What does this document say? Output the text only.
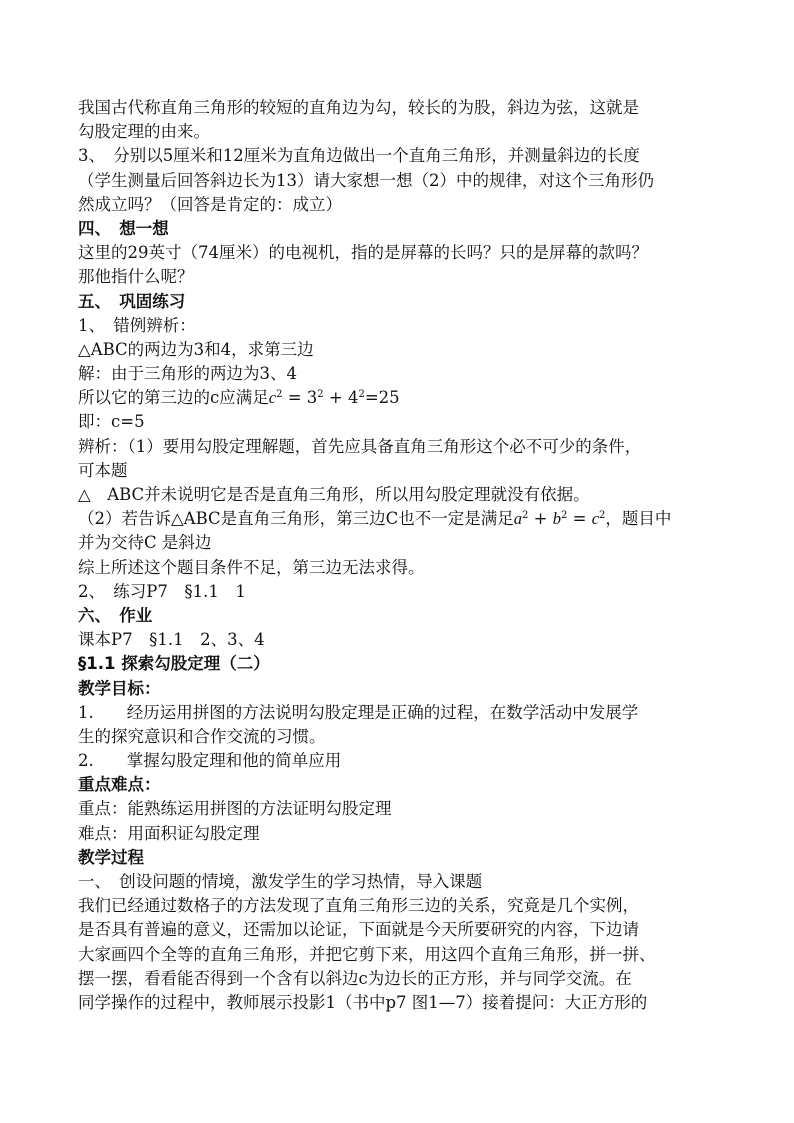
我国古代称直角三角形的较短的直角边为勾，较长的为股，斜边为弦，这就是
勾股定理的由来。
3、　分别以5厘米和12厘米为直角边做出一个直角三角形，并测量斜边的长度
（学生测量后回答斜边长为13）请大家想一想（2）中的规律，对这个三角形仍
然成立吗？（回答是肯定的：成立）
四、　想一想
这里的29英寸（74厘米）的电视机，指的是屏幕的长吗？只的是屏幕的款吗？
那他指什么呢？
五、　巩固练习
1、　错例辨析：
△ABC的两边为3和4，求第三边
解：由于三角形的两边为3、4
所以它的第三边的c应满足$c^2 = 3^2 + 4^2=25$
即：c=5
辨析：（1）要用勾股定理解题，首先应具备直角三角形这个必不可少的条件，
可本题
△　ABC并未说明它是否是直角三角形，所以用勾股定理就没有依据。
（2）若告诉△ABC是直角三角形，第三边C也不一定是满足$a^2 + b^2 = c^2$，题目中
并为交待C 是斜边
综上所述这个题目条件不足，第三边无法求得。
2、　练习P7　§1.1　1
六、　作业
课本P7　§1.1　2、3、4
§1.1 探索勾股定理（二）
教学目标：
1.　　经历运用拼图的方法说明勾股定理是正确的过程，在数学活动中发展学
生的探究意识和合作交流的习惯。
2.　　掌握勾股定理和他的简单应用
重点难点：
重点：能熟练运用拼图的方法证明勾股定理
难点：用面积证勾股定理
教学过程
一、　创设问题的情境，激发学生的学习热情，导入课题
我们已经通过数格子的方法发现了直角三角形三边的关系，究竟是几个实例，
是否具有普遍的意义，还需加以论证，下面就是今天所要研究的内容，下边请
大家画四个全等的直角三角形，并把它剪下来，用这四个直角三角形，拼一拼、
摆一摆，看看能否得到一个含有以斜边c为边长的正方形，并与同学交流。在
同学操作的过程中，教师展示投影1（书中p7 图1—7）接着提问：大正方形的
